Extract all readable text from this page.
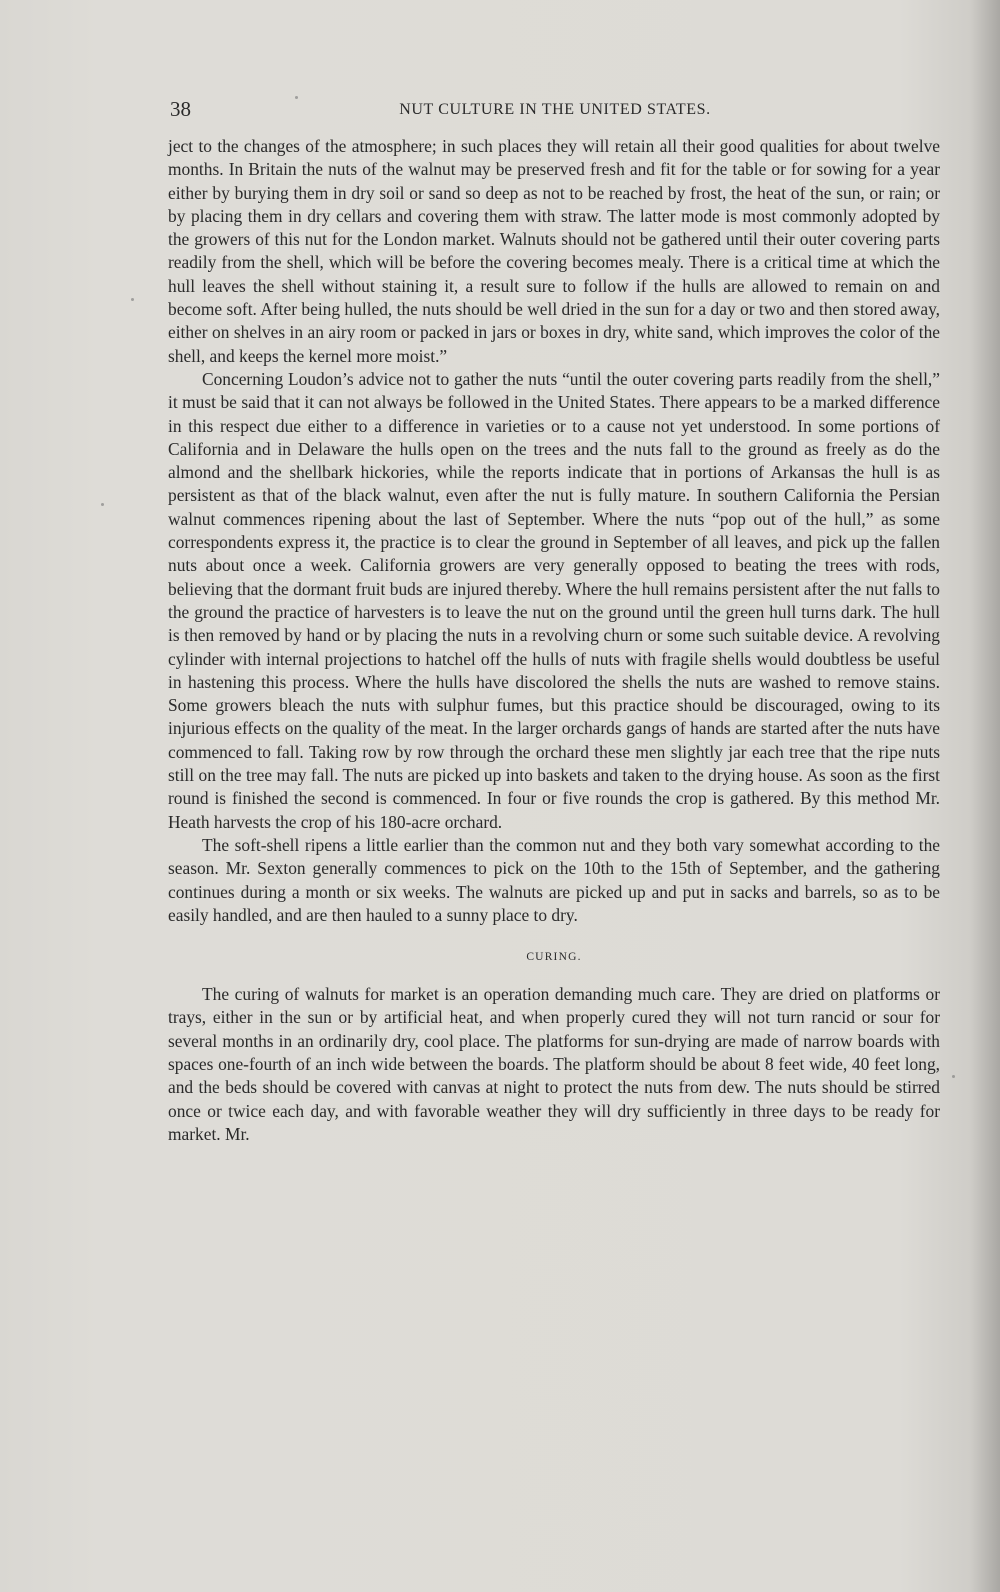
38	NUT CULTURE IN THE UNITED STATES.

ject to the changes of the atmosphere; in such places they will retain all their good qualities for about twelve months. In Britain the nuts of the walnut may be preserved fresh and fit for the table or for sowing for a year either by burying them in dry soil or sand so deep as not to be reached by frost, the heat of the sun, or rain; or by placing them in dry cellars and covering them with straw. The latter mode is most commonly adopted by the growers of this nut for the London market. Walnuts should not be gathered until their outer covering parts readily from the shell, which will be before the covering becomes mealy. There is a critical time at which the hull leaves the shell without staining it, a result sure to follow if the hulls are allowed to remain on and become soft. After being hulled, the nuts should be well dried in the sun for a day or two and then stored away, either on shelves in an airy room or packed in jars or boxes in dry, white sand, which improves the color of the shell, and keeps the kernel more moist.”

Concerning Loudon’s advice not to gather the nuts “until the outer covering parts readily from the shell,” it must be said that it can not always be followed in the United States. There appears to be a marked difference in this respect due either to a difference in varieties or to a cause not yet understood. In some portions of California and in Delaware the hulls open on the trees and the nuts fall to the ground as freely as do the almond and the shellbark hickories, while the reports indicate that in portions of Arkansas the hull is as persistent as that of the black walnut, even after the nut is fully mature. In southern California the Persian walnut commences ripening about the last of September. Where the nuts “pop out of the hull,” as some correspondents express it, the practice is to clear the ground in September of all leaves, and pick up the fallen nuts about once a week. California growers are very generally opposed to beating the trees with rods, believing that the dormant fruit buds are injured thereby. Where the hull remains persistent after the nut falls to the ground the practice of harvesters is to leave the nut on the ground until the green hull turns dark. The hull is then removed by hand or by placing the nuts in a revolving churn or some such suitable device. A revolving cylinder with internal projections to hatchel off the hulls of nuts with fragile shells would doubtless be useful in hastening this process. Where the hulls have discolored the shells the nuts are washed to remove stains. Some growers bleach the nuts with sulphur fumes, but this practice should be discouraged, owing to its injurious effects on the quality of the meat. In the larger orchards gangs of hands are started after the nuts have commenced to fall. Taking row by row through the orchard these men slightly jar each tree that the ripe nuts still on the tree may fall. The nuts are picked up into baskets and taken to the drying house. As soon as the first round is finished the second is commenced. In four or five rounds the crop is gathered. By this method Mr. Heath harvests the crop of his 180-acre orchard.

The soft-shell ripens a little earlier than the common nut and they both vary somewhat according to the season. Mr. Sexton generally commences to pick on the 10th to the 15th of September, and the gathering continues during a month or six weeks. The walnuts are picked up and put in sacks and barrels, so as to be easily handled, and are then hauled to a sunny place to dry.

CURING.

The curing of walnuts for market is an operation demanding much care. They are dried on platforms or trays, either in the sun or by artificial heat, and when properly cured they will not turn rancid or sour for several months in an ordinarily dry, cool place. The platforms for sun-drying are made of narrow boards with spaces one-fourth of an inch wide between the boards. The platform should be about 8 feet wide, 40 feet long, and the beds should be covered with canvas at night to protect the nuts from dew. The nuts should be stirred once or twice each day, and with favorable weather they will dry sufficiently in three days to be ready for market. Mr.
